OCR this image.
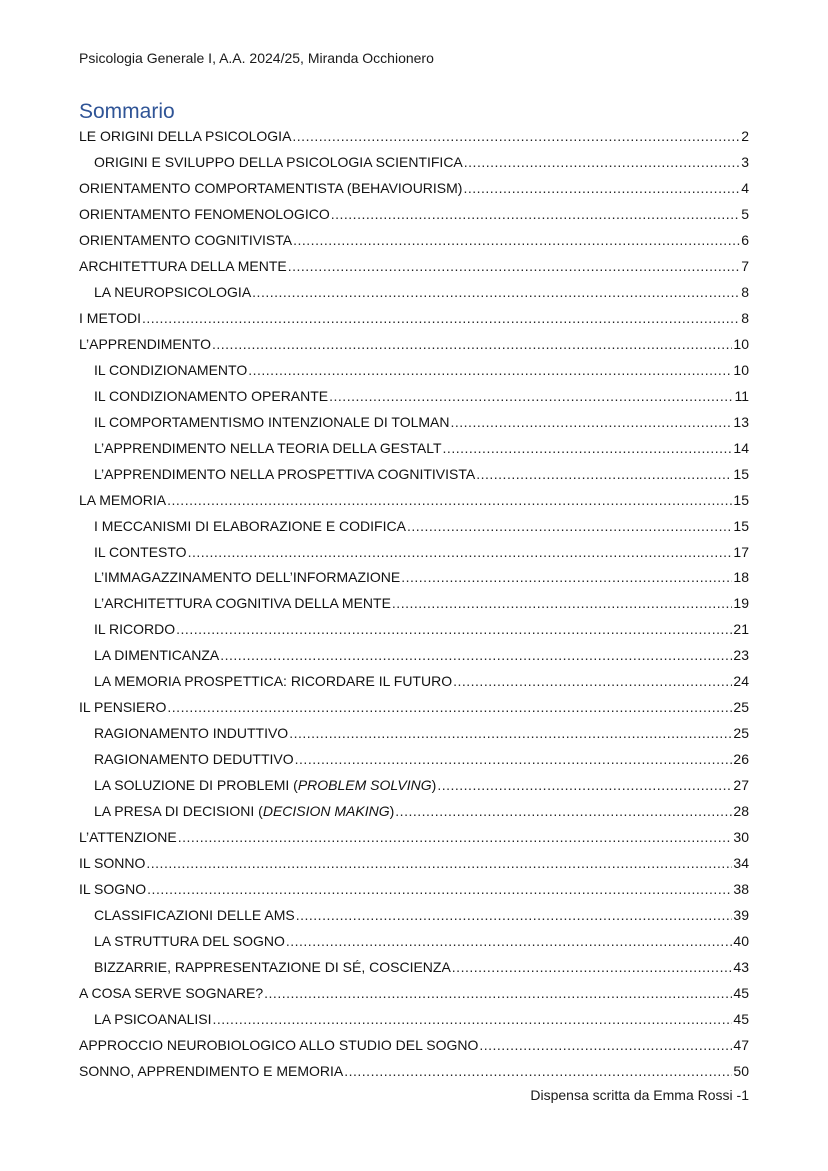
Psicologia Generale I, A.A. 2024/25, Miranda Occhionero
Sommario
LE ORIGINI DELLA PSICOLOGIA .....	2
ORIGINI E SVILUPPO DELLA PSICOLOGIA SCIENTIFICA .....	3
ORIENTAMENTO COMPORTAMENTISTA (BEHAVIOURISM) .....	4
ORIENTAMENTO FENOMENOLOGICO .....	5
ORIENTAMENTO COGNITIVISTA .....	6
ARCHITETTURA DELLA MENTE .....	7
LA NEUROPSICOLOGIA .....	8
I METODI .....	8
L’APPRENDIMENTO .....	10
IL CONDIZIONAMENTO .....	10
IL CONDIZIONAMENTO OPERANTE .....	11
IL COMPORTAMENTISMO INTENZIONALE DI TOLMAN .....	13
L’APPRENDIMENTO NELLA TEORIA DELLA GESTALT .....	14
L’APPRENDIMENTO NELLA PROSPETTIVA COGNITIVISTA .....	15
LA MEMORIA .....	15
I MECCANISMI DI ELABORAZIONE E CODIFICA .....	15
IL CONTESTO .....	17
L’IMMAGAZZINAMENTO DELL’INFORMAZIONE .....	18
L’ARCHITETTURA COGNITIVA DELLA MENTE .....	19
IL RICORDO .....	21
LA DIMENTICANZA .....	23
LA MEMORIA PROSPETTICA: RICORDARE IL FUTURO .....	24
IL PENSIERO .....	25
RAGIONAMENTO INDUTTIVO .....	25
RAGIONAMENTO DEDUTTIVO .....	26
LA SOLUZIONE DI PROBLEMI (PROBLEM SOLVING) .....	27
LA PRESA DI DECISIONI (DECISION MAKING) .....	28
L’ATTENZIONE .....	30
IL SONNO .....	34
IL SOGNO .....	38
CLASSIFICAZIONI DELLE AMS .....	39
LA STRUTTURA DEL SOGNO .....	40
BIZZARRIE, RAPPRESENTAZIONE DI SÉ, COSCIENZA .....	43
A COSA SERVE SOGNARE? .....	45
LA PSICOANALISI .....	45
APPROCCIO NEUROBIOLOGICO ALLO STUDIO DEL SOGNO .....	47
SONNO, APPRENDIMENTO E MEMORIA .....	50
Dispensa scritta da Emma Rossi -1
